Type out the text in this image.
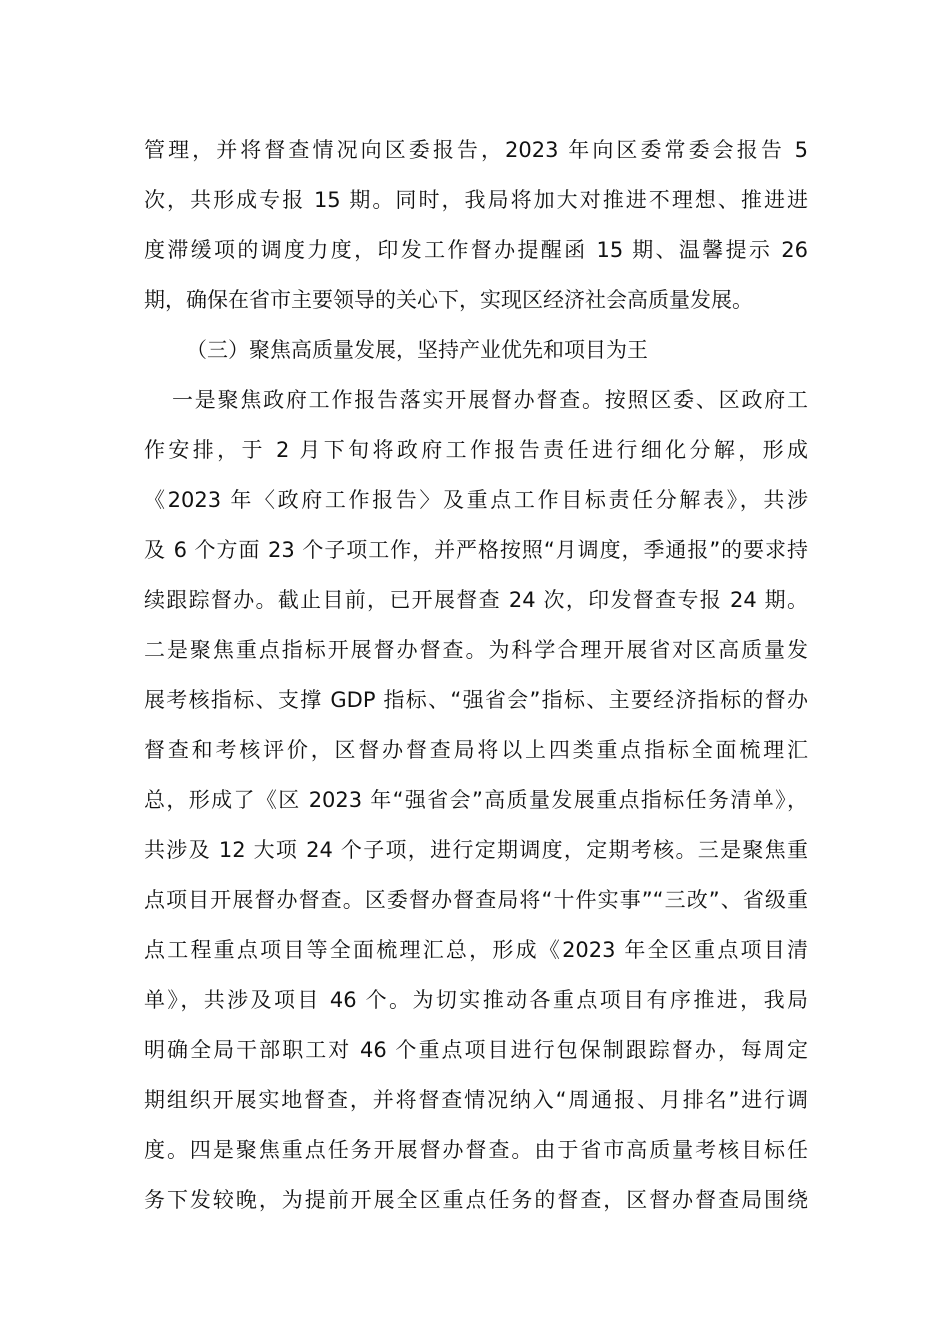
管理，并将督查情况向区委报告，2023 年向区委常委会报告 5
次，共形成专报 15 期。同时，我局将加大对推进不理想、推进进
度滞缓项的调度力度，印发工作督办提醒函 15 期、温馨提示 26
期，确保在省市主要领导的关心下，实现区经济社会高质量发展。
（三）聚焦高质量发展，坚持产业优先和项目为王
一是聚焦政府工作报告落实开展督办督查。按照区委、区政府工
作安排，于 2 月下旬将政府工作报告责任进行细化分解，形成
《2023 年〈政府工作报告〉及重点工作目标责任分解表》，共涉
及 6 个方面 23 个子项工作，并严格按照“月调度，季通报”的要求持
续跟踪督办。截止目前，已开展督查 24 次，印发督查专报 24 期。
二是聚焦重点指标开展督办督查。为科学合理开展省对区高质量发
展考核指标、支撑 GDP 指标、“强省会”指标、主要经济指标的督办
督查和考核评价，区督办督查局将以上四类重点指标全面梳理汇
总，形成了《区 2023 年“强省会”高质量发展重点指标任务清单》，
共涉及 12 大项 24 个子项，进行定期调度，定期考核。三是聚焦重
点项目开展督办督查。区委督办督查局将“十件实事”“三改”、省级重
点工程重点项目等全面梳理汇总，形成《2023 年全区重点项目清
单》，共涉及项目 46 个。为切实推动各重点项目有序推进，我局
明确全局干部职工对 46 个重点项目进行包保制跟踪督办，每周定
期组织开展实地督查，并将督查情况纳入“周通报、月排名”进行调
度。四是聚焦重点任务开展督办督查。由于省市高质量考核目标任
务下发较晚，为提前开展全区重点任务的督查，区督办督查局围绕
